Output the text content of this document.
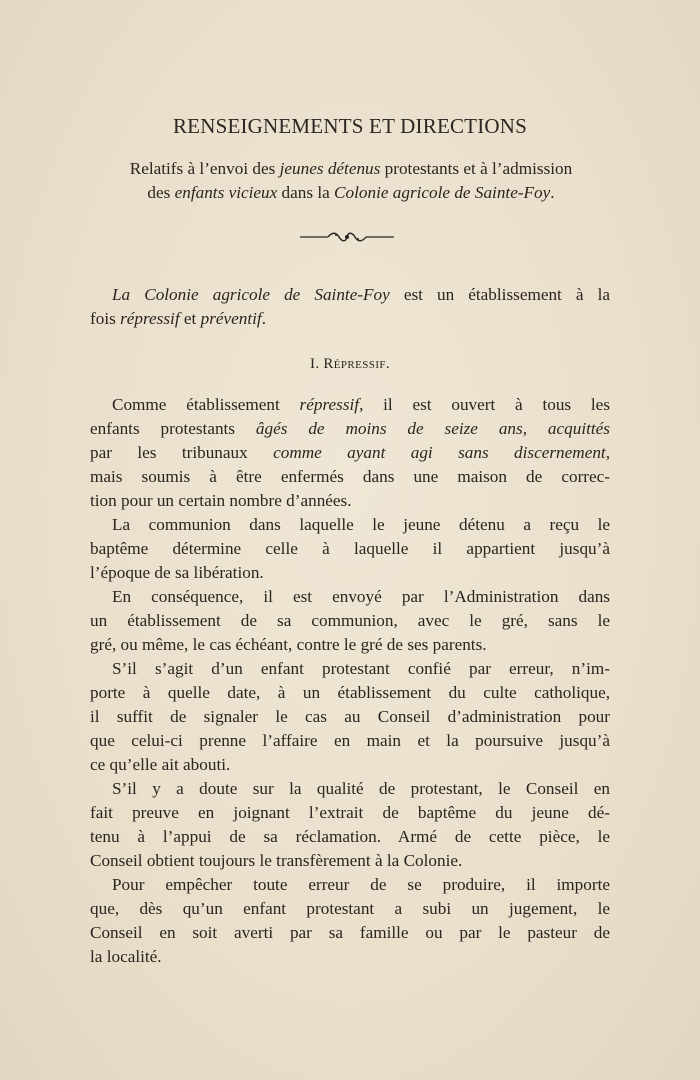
RENSEIGNEMENTS ET DIRECTIONS
Relatifs à l’envoi des jeunes détenus protestants et à l’admission
des enfants vicieux dans la Colonie agricole de Sainte-Foy.
La Colonie agricole de Sainte-Foy est un établissement à la
fois répressif et préventif.
I. Répressif.
Comme établissement répressif, il est ouvert à tous les
enfants protestants âgés de moins de seize ans, acquittés
par les tribunaux comme ayant agi sans discernement,
mais soumis à être enfermés dans une maison de correc-
tion pour un certain nombre d’années.
La communion dans laquelle le jeune détenu a reçu le
baptême détermine celle à laquelle il appartient jusqu’à
l’époque de sa libération.
En conséquence, il est envoyé par l’Administration dans
un établissement de sa communion, avec le gré, sans le
gré, ou même, le cas échéant, contre le gré de ses parents.
S’il s’agit d’un enfant protestant confié par erreur, n’im-
porte à quelle date, à un établissement du culte catholique,
il suffit de signaler le cas au Conseil d’administration pour
que celui-ci prenne l’affaire en main et la poursuive jusqu’à
ce qu’elle ait abouti.
S’il y a doute sur la qualité de protestant, le Conseil en
fait preuve en joignant l’extrait de baptême du jeune dé-
tenu à l’appui de sa réclamation. Armé de cette pièce, le
Conseil obtient toujours le transfèrement à la Colonie.
Pour empêcher toute erreur de se produire, il importe
que, dès qu’un enfant protestant a subi un jugement, le
Conseil en soit averti par sa famille ou par le pasteur de
la localité.
